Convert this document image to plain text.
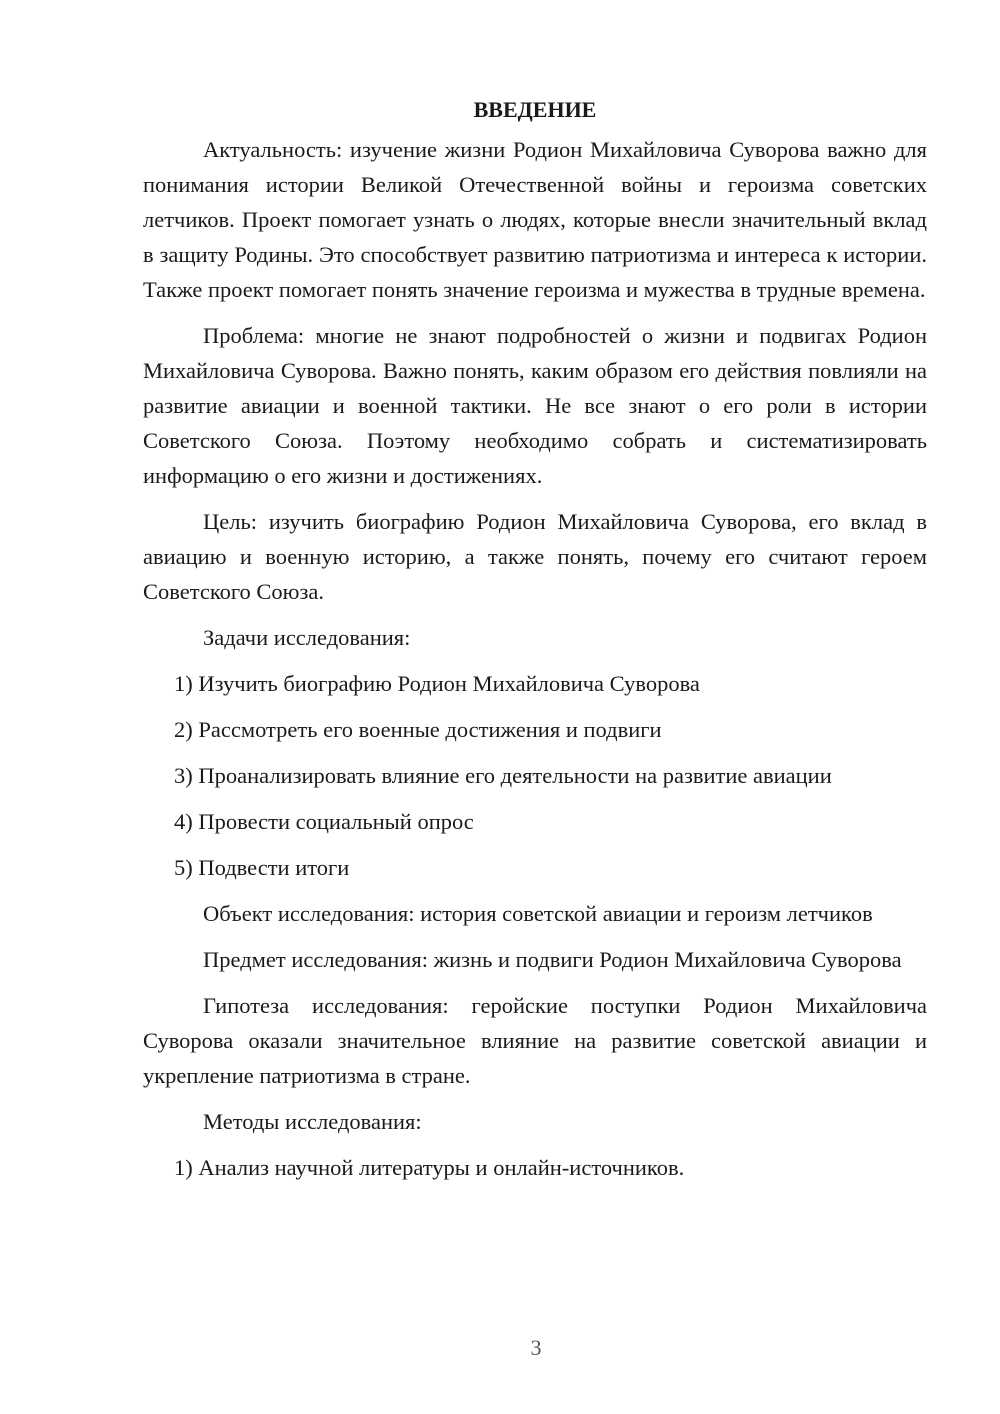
ВВЕДЕНИЕ

Актуальность: изучение жизни Родион Михайловича Суворова важно для понимания истории Великой Отечественной войны и героизма советских летчиков. Проект помогает узнать о людях, которые внесли значительный вклад в защиту Родины. Это способствует развитию патриотизма и интереса к истории. Также проект помогает понять значение героизма и мужества в трудные времена.

Проблема: многие не знают подробностей о жизни и подвигах Родион Михайловича Суворова. Важно понять, каким образом его действия повлияли на развитие авиации и военной тактики. Не все знают о его роли в истории Советского Союза. Поэтому необходимо собрать и систематизировать информацию о его жизни и достижениях.

Цель: изучить биографию Родион Михайловича Суворова, его вклад в авиацию и военную историю, а также понять, почему его считают героем Советского Союза.

Задачи исследования:

1) Изучить биографию Родион Михайловича Суворова

2) Рассмотреть его военные достижения и подвиги

3) Проанализировать влияние его деятельности на развитие авиации

4) Провести социальный опрос

5) Подвести итоги

Объект исследования: история советской авиации и героизм летчиков

Предмет исследования: жизнь и подвиги Родион Михайловича Суворова

Гипотеза исследования: геройские поступки Родион Михайловича Суворова оказали значительное влияние на развитие советской авиации и укрепление патриотизма в стране.

Методы исследования:

1) Анализ научной литературы и онлайн-источников.

3
